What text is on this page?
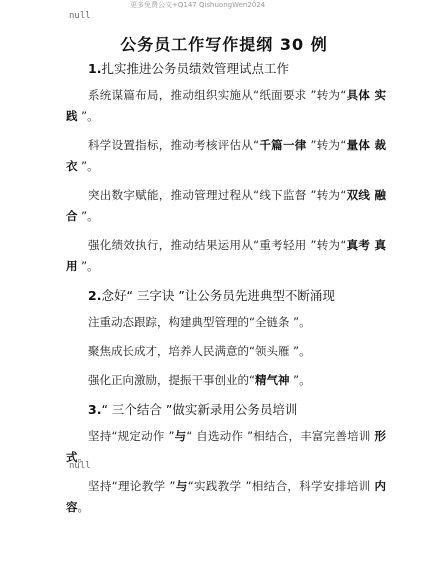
更多免费公文+Q147 QishuongWen2024
null
公务员工作写作提纲 30 例
1.扎实推进公务员绩效管理试点工作

系统谋篇布局，推动组织实施从“纸面要求 ”转为“具体 实践 ”。

科学设置指标，推动考核评估从“千篇一律 ”转为“量体 裁衣 ”。

突出数字赋能，推动管理过程从“线下监督 ”转为“双线 融合 ”。

强化绩效执行，推动结果运用从“重考轻用 ”转为“真考 真用 ”。

2.念好“ 三字诀 ”让公务员先进典型不断涌现

注重动态跟踪，构建典型管理的“全链条 ”。

聚焦成长成才，培养人民满意的“领头雁 ”。

强化正向激励，提振干事创业的“精气神 ”。

3.“ 三个结合 ”做实新录用公务员培训

坚持“规定动作 ”与“ 自选动作 ”相结合，丰富完善培训 形式。

坚持“理论教学 ”与“实践教学 ”相结合，科学安排培训 内容。

null
